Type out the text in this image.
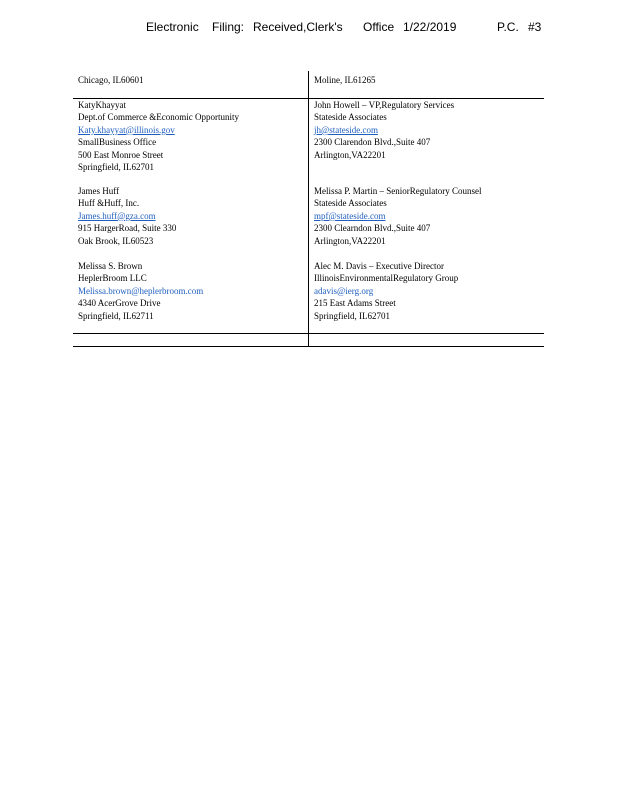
Electronic Filing: Received,Clerk's Office 1/22/2019	P.C. #3
Chicago, IL60601	Moline, IL61265
KatyKhayyat
Dept.of Commerce &Economic Opportunity
Katy.khayyat@illinois.gov
SmallBusiness Office
500 East Monroe Street
Springfield, IL62701
John Howell – VP,Regulatory Services
Stateside Associates
jh@stateside.com
2300 Clarendon Blvd.,Suite 407
Arlington,VA22201
James Huff
Huff &Huff, Inc.
James.huff@gza.com
915 HargerRoad, Suite 330
Oak Brook, IL60523
Melissa P. Martin – SeniorRegulatory Counsel
Stateside Associates
mpf@stateside.com
2300 Clearndon Blvd.,Suite 407
Arlington,VA22201
Melissa S. Brown
HeplerBroom LLC
Melissa.brown@heplerbroom.com
4340 AcerGrove Drive
Springfield, IL62711
Alec M. Davis – Executive Director
IllinoisEnvironmentalRegulatory Group
adavis@ierg.org
215 East Adams Street
Springfield, IL62701
